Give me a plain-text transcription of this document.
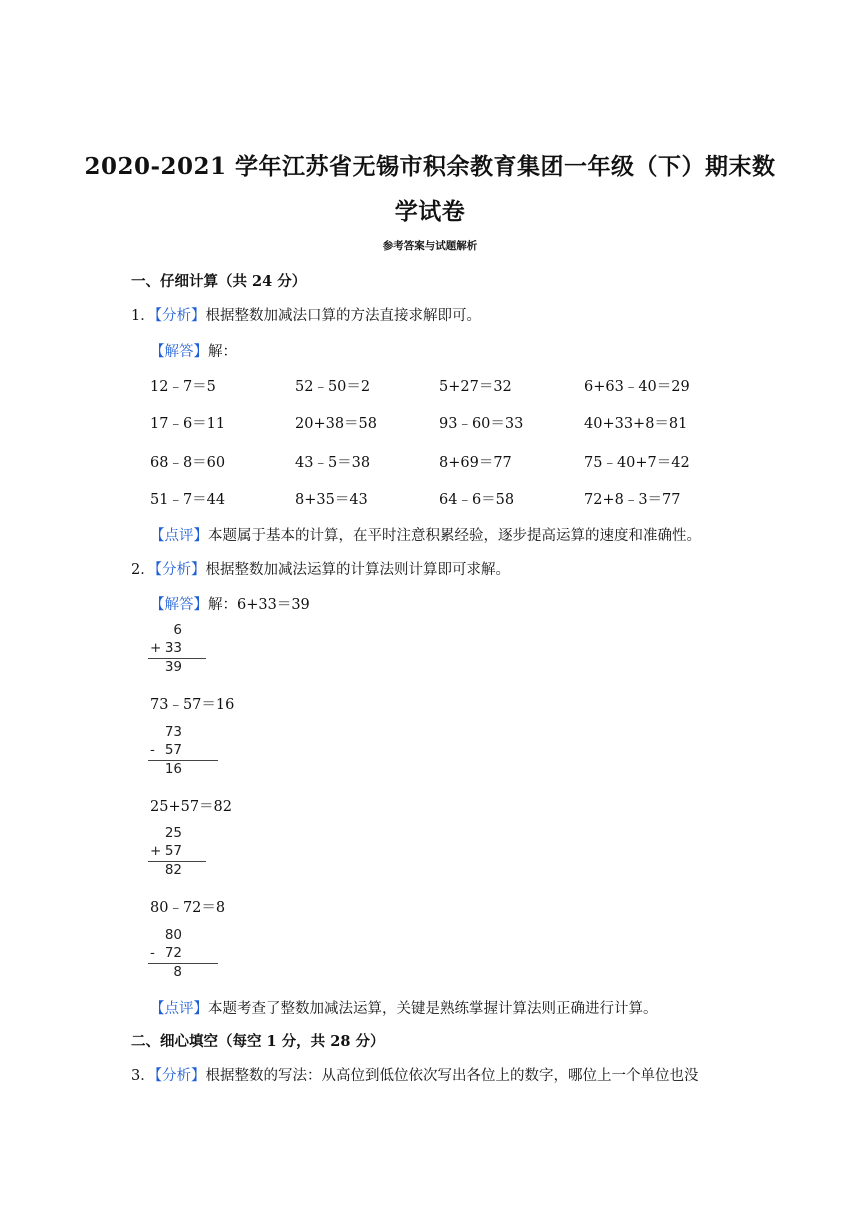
2020-2021 学年江苏省无锡市积余教育集团一年级（下）期末数
学试卷
参考答案与试题解析
一、仔细计算（共 24 分）
1．【分析】根据整数加减法口算的方法直接求解即可。
【解答】解：
12﹣7＝5	52﹣50＝2	5+27＝32	6+63﹣40＝29
17﹣6＝11	20+38＝58	93﹣60＝33	40+33+8＝81
68﹣8＝60	43﹣5＝38	8+69＝77	75﹣40+7＝42
51﹣7＝44	8+35＝43	64﹣6＝58	72+8﹣3＝77
【点评】本题属于基本的计算，在平时注意积累经验，逐步提高运算的速度和准确性。
2．【分析】根据整数加减法运算的计算法则计算即可求解。
【解答】解：6+33＝39
6
+ 33
39
73﹣57＝16
73
- 57
16
25+57＝82
25
+ 57
82
80﹣72＝8
80
- 72
8
【点评】本题考查了整数加减法运算，关键是熟练掌握计算法则正确进行计算。
二、细心填空（每空 1 分，共 28 分）
3．【分析】根据整数的写法：从高位到低位依次写出各位上的数字，哪位上一个单位也没
